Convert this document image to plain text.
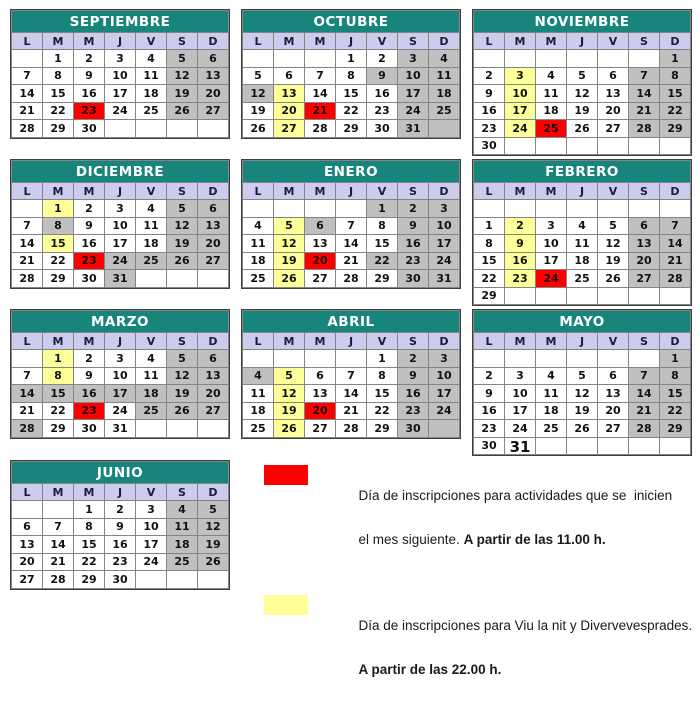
SEPTIEMBRE						
L	M	M	J	V	S	D
	1	2	3	4	5	6
7	8	9	10	11	12	13
14	15	16	17	18	19	20
21	22	23	24	25	26	27
28	29	30				
OCTUBRE						
L	M	M	J	V	S	D
			1	2	3	4
5	6	7	8	9	10	11
12	13	14	15	16	17	18
19	20	21	22	23	24	25
26	27	28	29	30	31	
NOVIEMBRE						
L	M	M	J	V	S	D
						1
2	3	4	5	6	7	8
9	10	11	12	13	14	15
16	17	18	19	20	21	22
23	24	25	26	27	28	29
30						
DICIEMBRE						
L	M	M	J	V	S	D
	1	2	3	4	5	6
7	8	9	10	11	12	13
14	15	16	17	18	19	20
21	22	23	24	25	26	27
28	29	30	31			
ENERO						
L	M	M	J	V	S	D
				1	2	3
4	5	6	7	8	9	10
11	12	13	14	15	16	17
18	19	20	21	22	23	24
25	26	27	28	29	30	31
FEBRERO						
L	M	M	J	V	S	D

1	2	3	4	5	6	7
8	9	10	11	12	13	14
15	16	17	18	19	20	21
22	23	24	25	26	27	28
29						
MARZO						
L	M	M	J	V	S	D
	1	2	3	4	5	6
7	8	9	10	11	12	13
14	15	16	17	18	19	20
21	22	23	24	25	26	27
28	29	30	31			
ABRIL						
L	M	M	J	V	S	D
				1	2	3
4	5	6	7	8	9	10
11	12	13	14	15	16	17
18	19	20	21	22	23	24
25	26	27	28	29	30	
MAYO						
L	M	M	J	V	S	D
						1
2	3	4	5	6	7	8
9	10	11	12	13	14	15
16	17	18	19	20	21	22
23	24	25	26	27	28	29
30	31					
JUNIO						
L	M	M	J	V	S	D
		1	2	3	4	5
6	7	8	9	10	11	12
13	14	15	16	17	18	19
20	21	22	23	24	25	26
27	28	29	30			

Día de inscripciones para actividades que se  inicien

el mes siguiente. A partir de las 11.00 h.

Día de inscripciones para Viu la nit y Divervevesprades.

A partir de las 22.00 h.
